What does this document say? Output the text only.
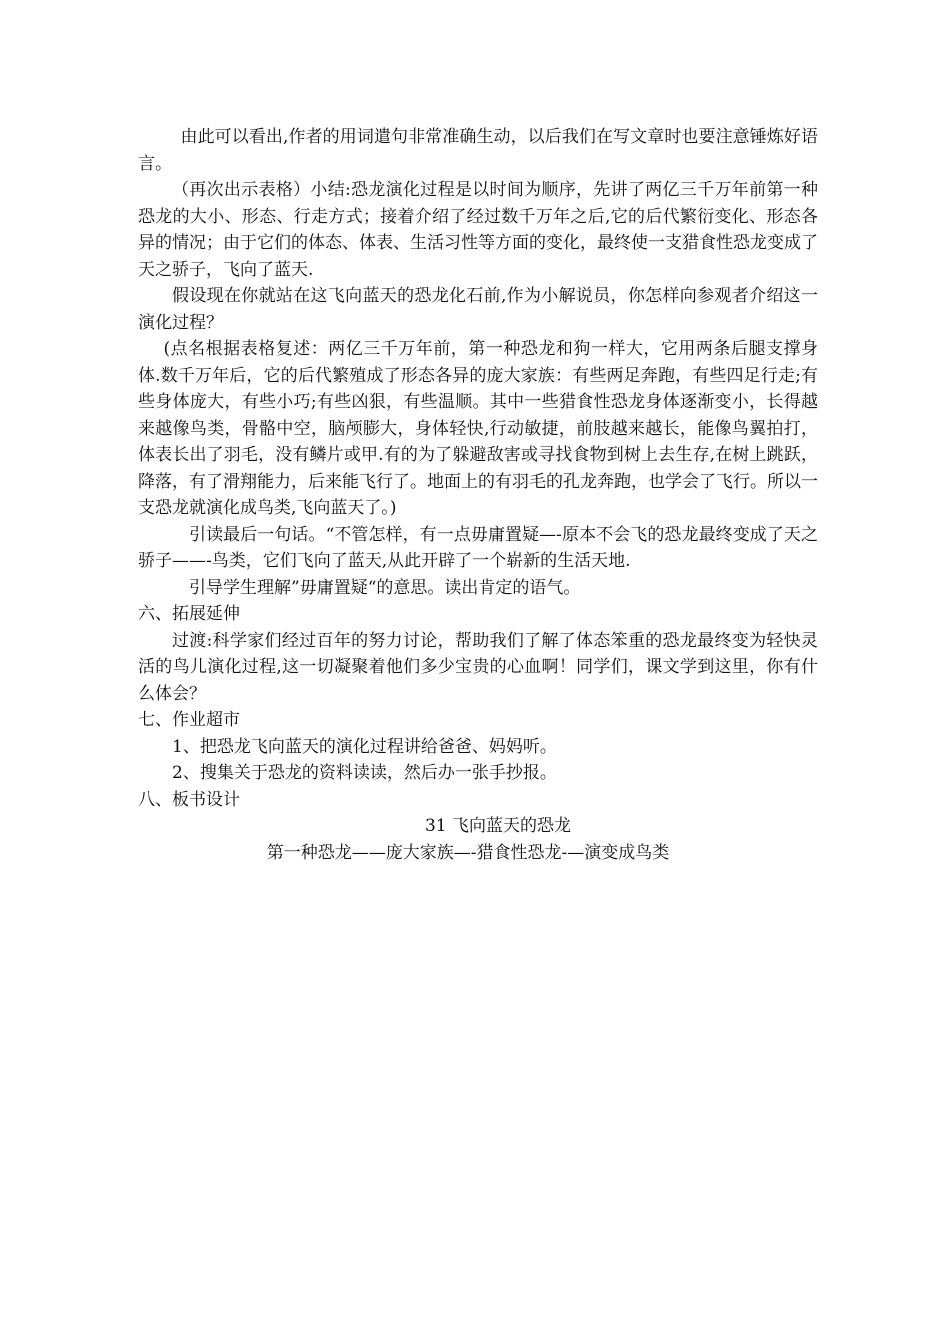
由此可以看出,作者的用词遣句非常准确生动，以后我们在写文章时也要注意锤炼好语言。

（再次出示表格）小结:恐龙演化过程是以时间为顺序，先讲了两亿三千万年前第一种恐龙的大小、形态、行走方式；接着介绍了经过数千万年之后,它的后代繁衍变化、形态各异的情况；由于它们的体态、体表、生活习性等方面的变化，最终使一支猎食性恐龙变成了天之骄子，飞向了蓝天.

假设现在你就站在这飞向蓝天的恐龙化石前,作为小解说员，你怎样向参观者介绍这一演化过程？

(点名根据表格复述：两亿三千万年前，第一种恐龙和狗一样大，它用两条后腿支撑身体.数千万年后，它的后代繁殖成了形态各异的庞大家族：有些两足奔跑，有些四足行走;有些身体庞大，有些小巧;有些凶狠，有些温顺。其中一些猎食性恐龙身体逐渐变小，长得越来越像鸟类，骨骼中空，脑颅膨大，身体轻快,行动敏捷，前肢越来越长，能像鸟翼拍打，体表长出了羽毛，没有鳞片或甲.有的为了躲避敌害或寻找食物到树上去生存,在树上跳跃，降落，有了滑翔能力，后来能飞行了。地面上的有羽毛的孔龙奔跑，也学会了飞行。所以一支恐龙就演化成鸟类,飞向蓝天了。)

引读最后一句话。“不管怎样，有一点毋庸置疑—-原本不会飞的恐龙最终变成了天之骄子——-鸟类，它们飞向了蓝天,从此开辟了一个崭新的生活天地.

引导学生理解”毋庸置疑“的意思。读出肯定的语气。

六、拓展延伸

过渡:科学家们经过百年的努力讨论，帮助我们了解了体态笨重的恐龙最终变为轻快灵活的鸟儿演化过程,这一切凝聚着他们多少宝贵的心血啊！同学们，课文学到这里，你有什么体会？

七、作业超市

1、把恐龙飞向蓝天的演化过程讲给爸爸、妈妈听。

2、搜集关于恐龙的资料读读，然后办一张手抄报。

八、板书设计

31 飞向蓝天的恐龙

第一种恐龙——庞大家族—-猎食性恐龙-—演变成鸟类
